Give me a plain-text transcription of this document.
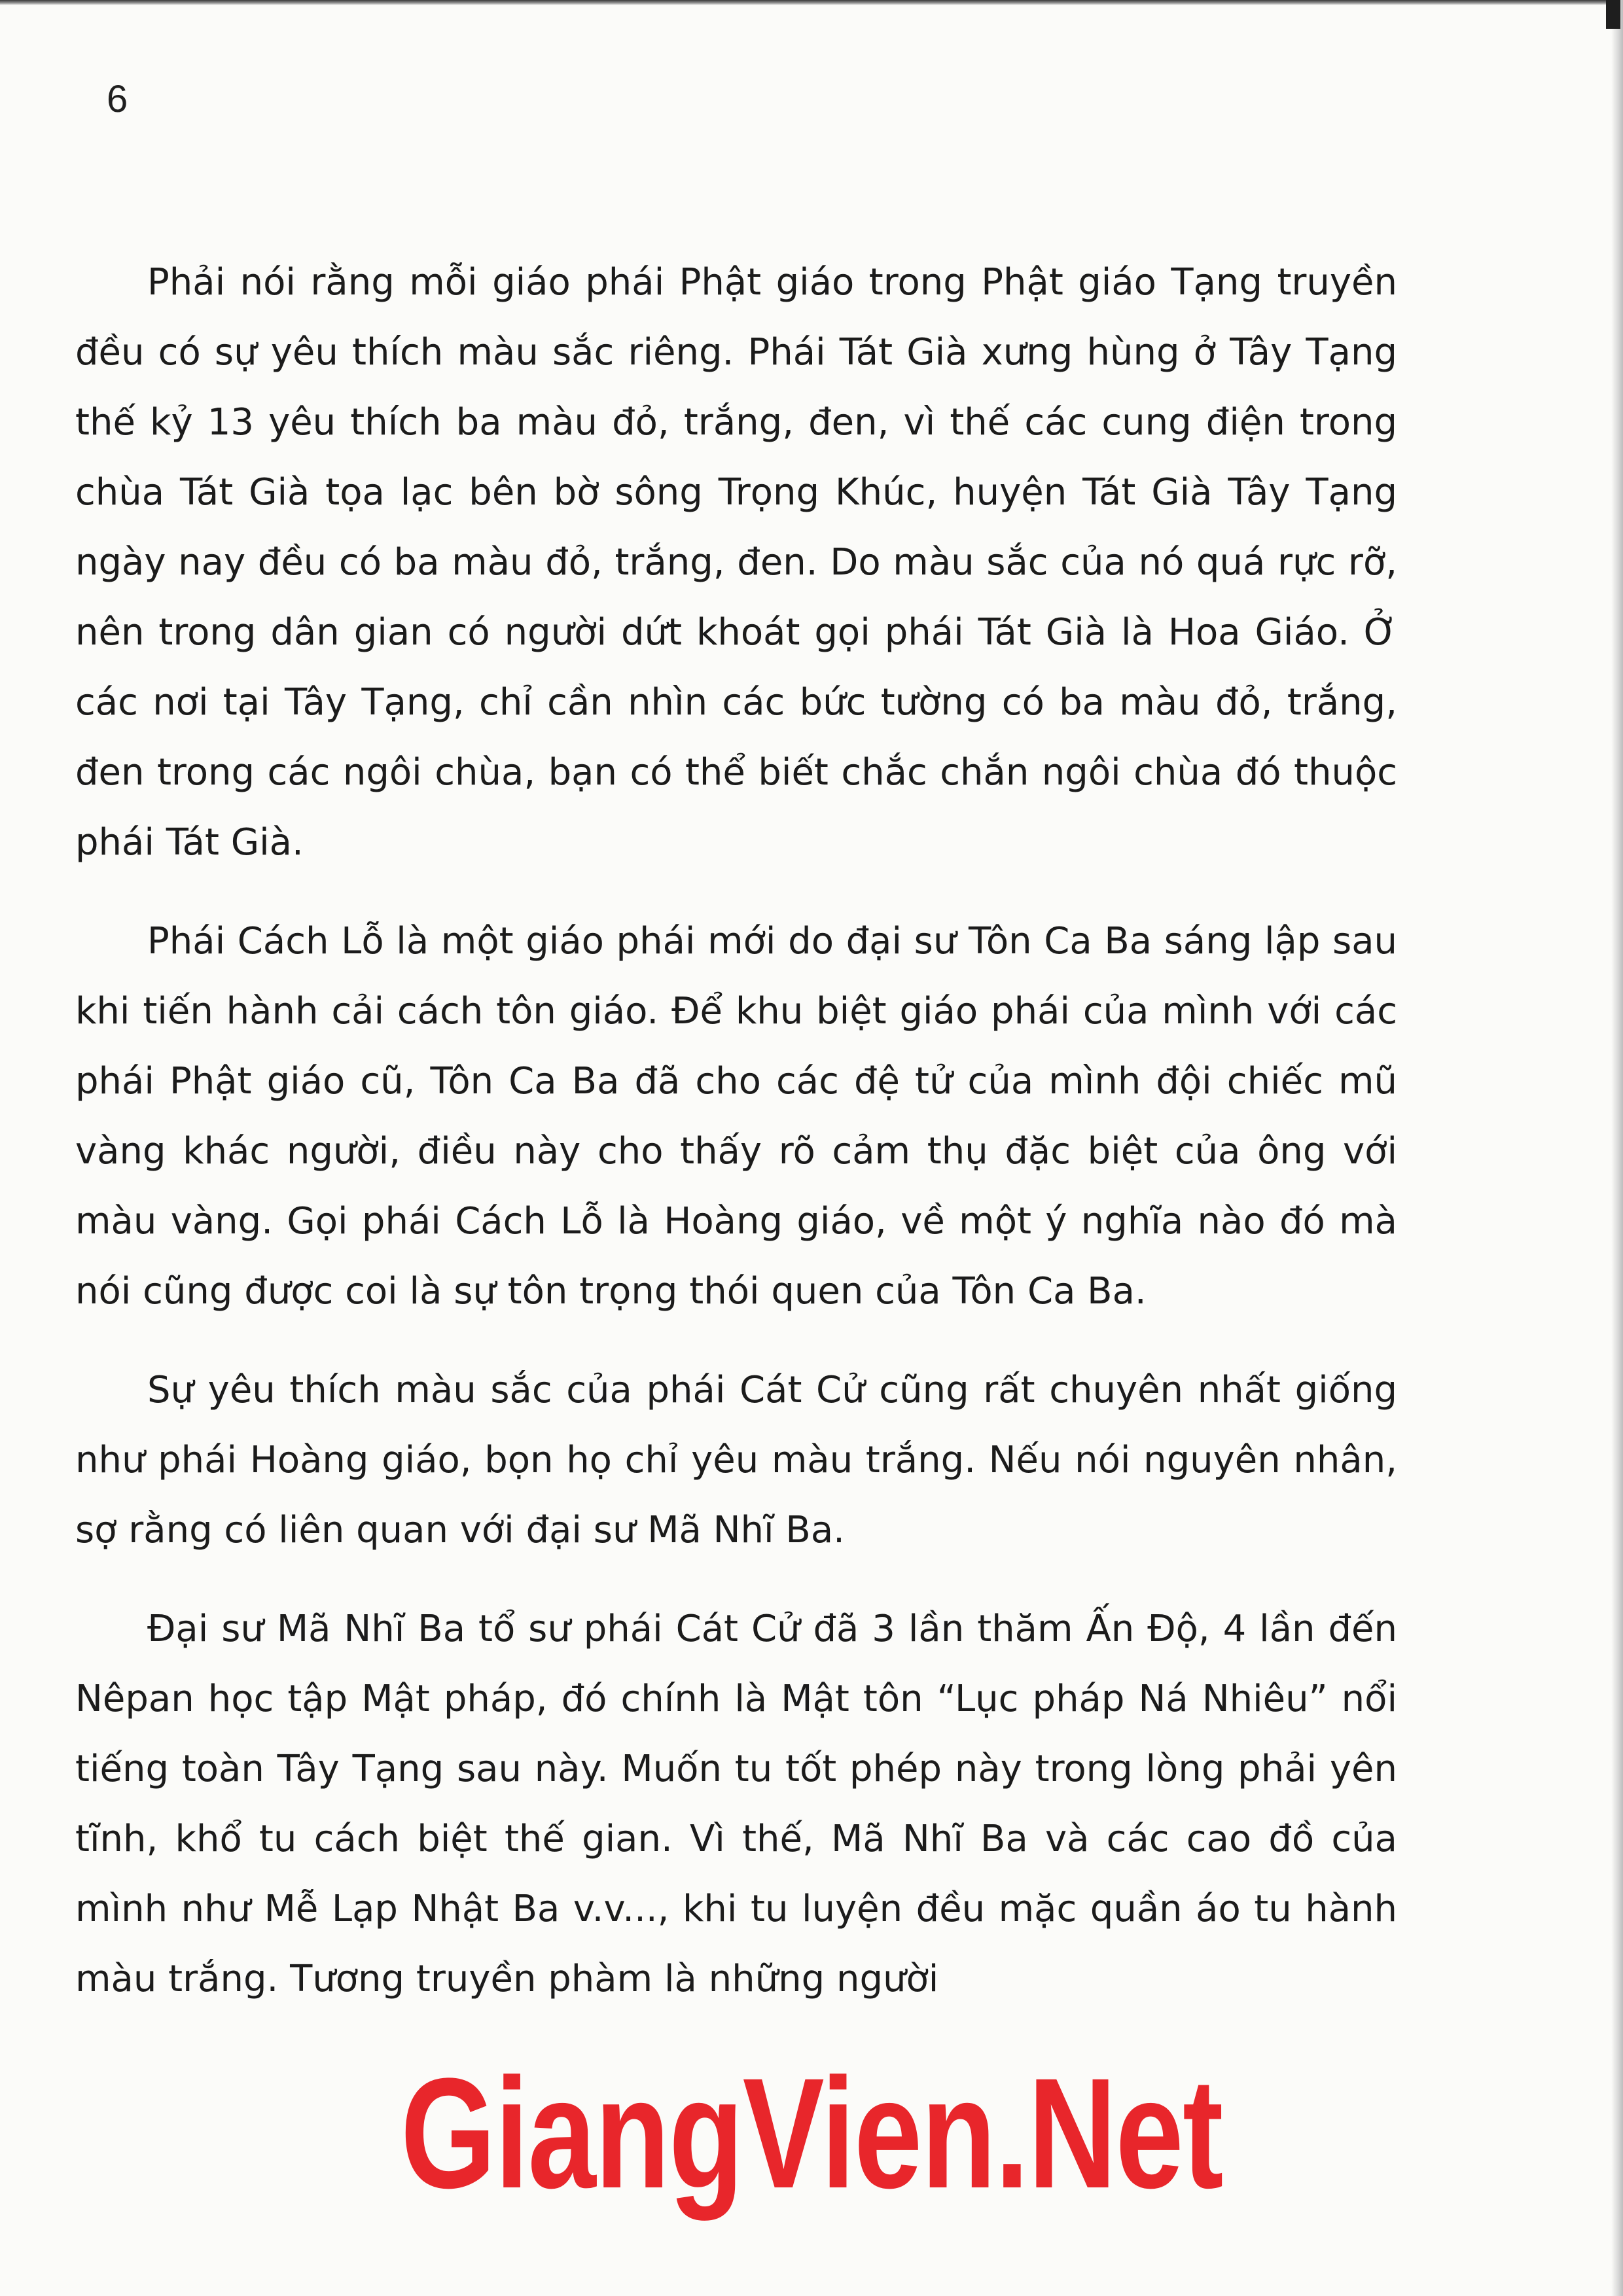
6

Phải nói rằng mỗi giáo phái Phật giáo trong Phật giáo Tạng truyền đều có sự yêu thích màu sắc riêng. Phái Tát Già xưng hùng ở Tây Tạng thế kỷ 13 yêu thích ba màu đỏ, trắng, đen, vì thế các cung điện trong chùa Tát Già tọa lạc bên bờ sông Trọng Khúc, huyện Tát Già Tây Tạng ngày nay đều có ba màu đỏ, trắng, đen. Do màu sắc của nó quá rực rỡ, nên trong dân gian có người dứt khoát gọi phái Tát Già là Hoa Giáo. Ở các nơi tại Tây Tạng, chỉ cần nhìn các bức tường có ba màu đỏ, trắng, đen trong các ngôi chùa, bạn có thể biết chắc chắn ngôi chùa đó thuộc phái Tát Già.

Phái Cách Lỗ là một giáo phái mới do đại sư Tôn Ca Ba sáng lập sau khi tiến hành cải cách tôn giáo. Để khu biệt giáo phái của mình với các phái Phật giáo cũ, Tôn Ca Ba đã cho các đệ tử của mình đội chiếc mũ vàng khác người, điều này cho thấy rõ cảm thụ đặc biệt của ông với màu vàng. Gọi phái Cách Lỗ là Hoàng giáo, về một ý nghĩa nào đó mà nói cũng được coi là sự tôn trọng thói quen của Tôn Ca Ba.

Sự yêu thích màu sắc của phái Cát Cử cũng rất chuyên nhất giống như phái Hoàng giáo, bọn họ chỉ yêu màu trắng. Nếu nói nguyên nhân, sợ rằng có liên quan với đại sư Mã Nhĩ Ba.

Đại sư Mã Nhĩ Ba tổ sư phái Cát Cử đã 3 lần thăm Ấn Độ, 4 lần đến Nêpan học tập Mật pháp, đó chính là Mật tôn “Lục pháp Ná Nhiêu” nổi tiếng toàn Tây Tạng sau này. Muốn tu tốt phép này trong lòng phải yên tĩnh, khổ tu cách biệt thế gian. Vì thế, Mã Nhĩ Ba và các cao đồ của mình như Mễ Lạp Nhật Ba v.v..., khi tu luyện đều mặc quần áo tu hành màu trắng. Tương truyền phàm là những người

GiangVien.Net
